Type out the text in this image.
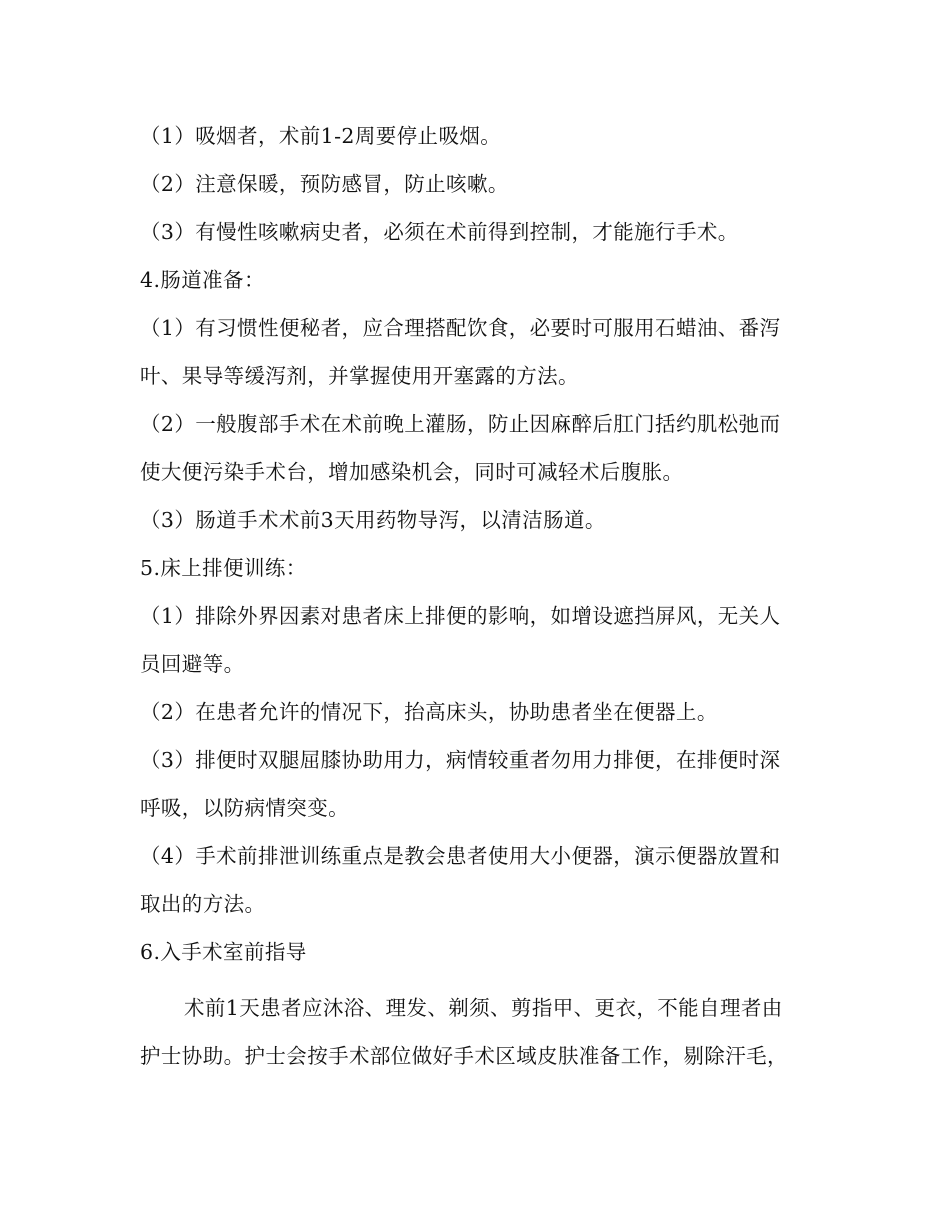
（1）吸烟者，术前1-2周要停止吸烟。

（2）注意保暖，预防感冒，防止咳嗽。

（3）有慢性咳嗽病史者，必须在术前得到控制，才能施行手术。

4.肠道准备：

（1）有习惯性便秘者，应合理搭配饮食，必要时可服用石蜡油、番泻

叶、果导等缓泻剂，并掌握使用开塞露的方法。

（2）一般腹部手术在术前晚上灌肠，防止因麻醉后肛门括约肌松弛而

使大便污染手术台，增加感染机会，同时可减轻术后腹胀。

（3）肠道手术术前3天用药物导泻，以清洁肠道。

5.床上排便训练：

（1）排除外界因素对患者床上排便的影响，如增设遮挡屏风，无关人

员回避等。

（2）在患者允许的情况下，抬高床头，协助患者坐在便器上。

（3）排便时双腿屈膝协助用力，病情较重者勿用力排便，在排便时深

呼吸，以防病情突变。

（4）手术前排泄训练重点是教会患者使用大小便器，演示便器放置和

取出的方法。

6.入手术室前指导

术前1天患者应沐浴、理发、剃须、剪指甲、更衣，不能自理者由

护士协助。护士会按手术部位做好手术区域皮肤准备工作，剔除汗毛，
